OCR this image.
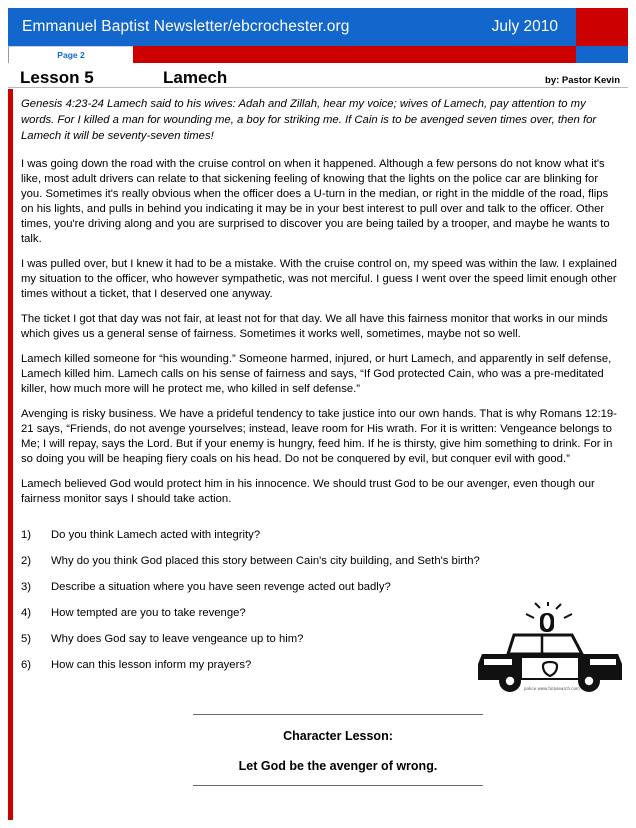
Emmanuel Baptist Newsletter/ebcrochester.org	July 2010
Page 2
Lesson 5	Lamech	by: Pastor Kevin

Genesis 4:23-24 Lamech said to his wives: Adah and Zillah, hear my voice; wives of Lamech, pay attention to my words. For I killed a man for wounding me, a boy for striking me. If Cain is to be avenged seven times over, then for Lamech it will be seventy-seven times!

I was going down the road with the cruise control on when it happened. Although a few persons do not know what it's like, most adult drivers can relate to that sickening feeling of knowing that the lights on the police car are blinking for you. Sometimes it's really obvious when the officer does a U-turn in the median, or right in the middle of the road, flips on his lights, and pulls in behind you indicating it may be in your best interest to pull over and talk to the officer. Other times, you're driving along and you are surprised to discover you are being tailed by a trooper, and maybe he wants to talk.

I was pulled over, but I knew it had to be a mistake. With the cruise control on, my speed was within the law. I explained my situation to the officer, who however sympathetic, was not merciful. I guess I went over the speed limit enough other times without a ticket, that I deserved one anyway.

The ticket I got that day was not fair, at least not for that day. We all have this fairness monitor that works in our minds which gives us a general sense of fairness. Sometimes it works well, sometimes, maybe not so well.

Lamech killed someone for “his wounding.” Someone harmed, injured, or hurt Lamech, and apparently in self defense, Lamech killed him. Lamech calls on his sense of fairness and says, “If God protected Cain, who was a pre-meditated killer, how much more will he protect me, who killed in self defense.”

Avenging is risky business. We have a prideful tendency to take justice into our own hands. That is why Romans 12:19-21 says, “Friends, do not avenge yourselves; instead, leave room for His wrath. For it is written: Vengeance belongs to Me; I will repay, says the Lord. But if your enemy is hungry, feed him. If he is thirsty, give him something to drink. For in so doing you will be heaping fiery coals on his head. Do not be conquered by evil, but conquer evil with good.”

Lamech believed God would protect him in his innocence. We should trust God to be our avenger, even though our fairness monitor says I should take action.

1)	Do you think Lamech acted with integrity?
2)	Why do you think God placed this story between Cain's city building, and Seth's birth?
3)	Describe a situation where you have seen revenge acted out badly?
4)	How tempted are you to take revenge?
5)	Why does God say to leave vengeance up to him?
6)	How can this lesson inform my prayers?
police www.fotosearch.com
Character Lesson:
Let God be the avenger of wrong.
